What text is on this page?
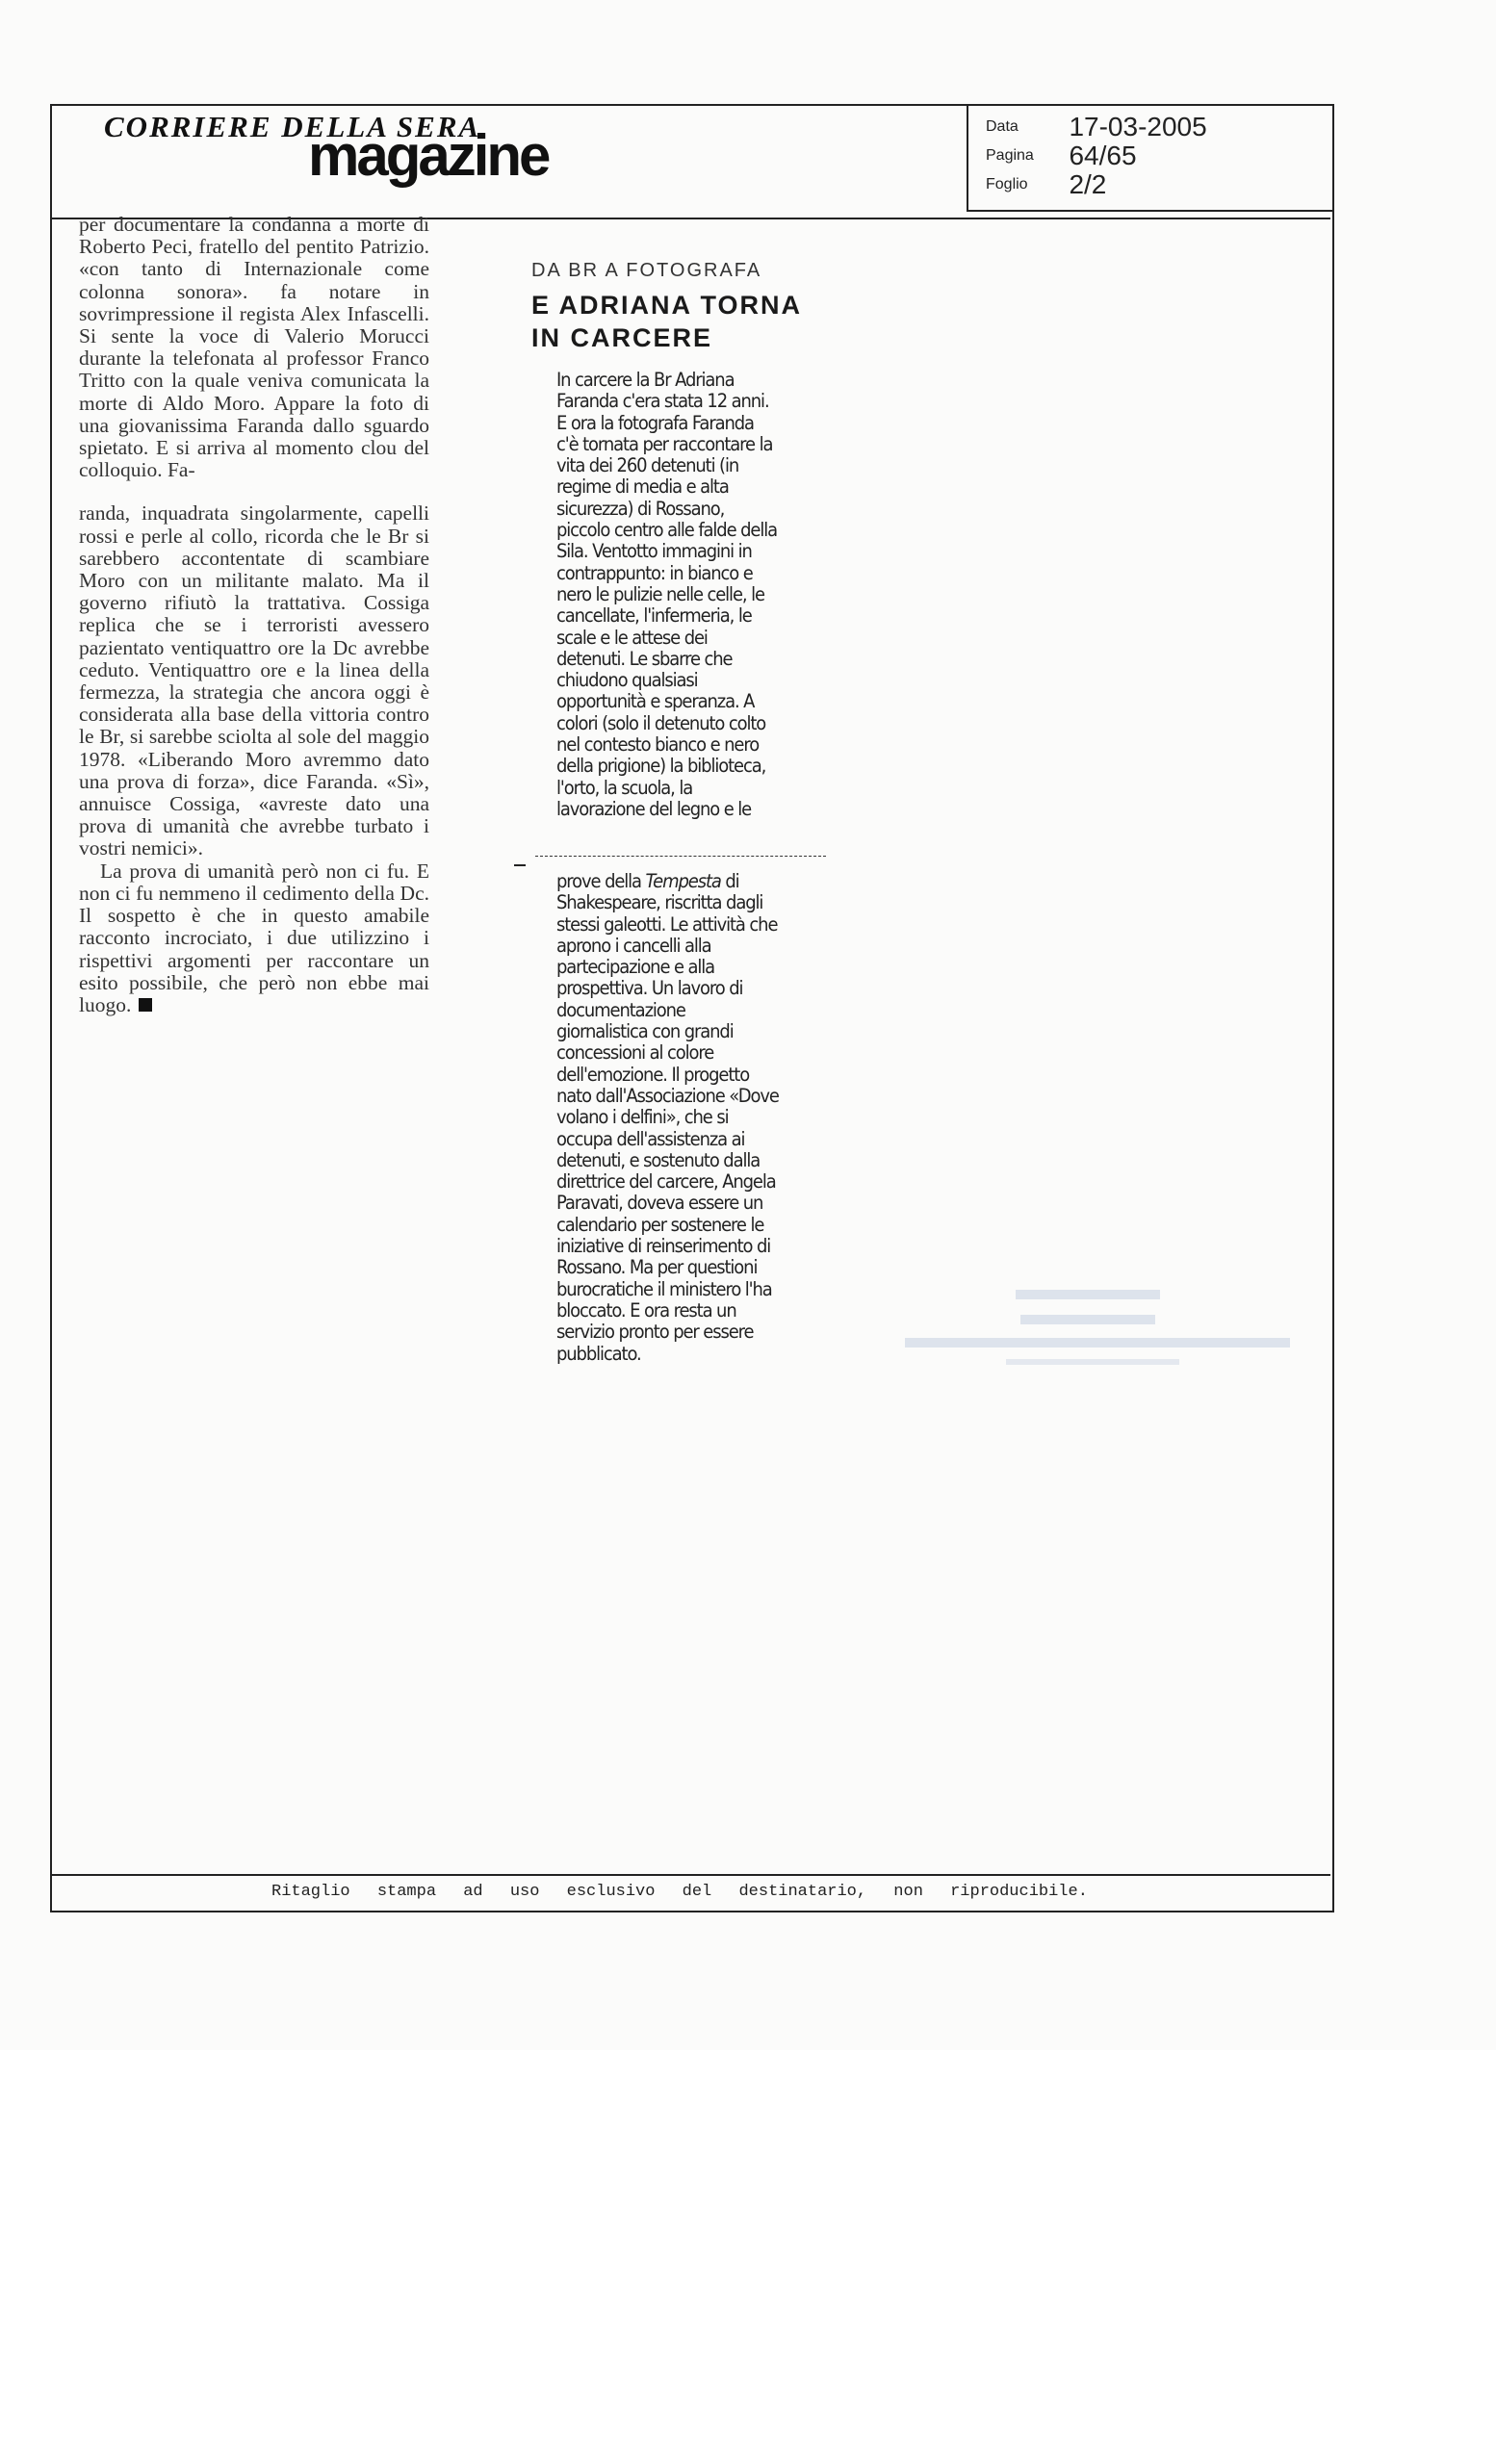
CORRIERE DELLA SERA
magazine	Data 17-03-2005
Pagina 64/65
Foglio 2/2

per documentare la condanna a morte di Roberto Peci, fratello del pentito Patrizio. «con tanto di Internazionale come colonna sonora». fa notare in sovrimpressione il regista Alex Infascelli. Si sente la voce di Valerio Morucci durante la telefonata al professor Franco Tritto con la quale veniva comunicata la morte di Aldo Moro. Appare la foto di una giovanissima Faranda dallo sguardo spietato. E si arriva al momento clou del colloquio. Fa-

randa, inquadrata singolarmente, capelli rossi e perle al collo, ricorda che le Br si sarebbero accontentate di scambiare Moro con un militante malato. Ma il governo rifiutò la trattativa. Cossiga replica che se i terroristi avessero pazientato ventiquattro ore la Dc avrebbe ceduto. Ventiquattro ore e la linea della fermezza, la strategia che ancora oggi è considerata alla base della vittoria contro le Br, si sarebbe sciolta al sole del maggio 1978. «Liberando Moro avremmo dato una prova di forza», dice Faranda. «Sì», annuisce Cossiga, «avreste dato una prova di umanità che avrebbe turbato i vostri nemici».

La prova di umanità però non ci fu. E non ci fu nemmeno il cedimento della Dc. Il sospetto è che in questo amabile racconto incrociato, i due utilizzino i rispettivi argomenti per raccontare un esito possibile, che però non ebbe mai luogo.

DA BR A FOTOGRAFA
E ADRIANA TORNA IN CARCERE
In carcere la Br Adriana Faranda c'era stata 12 anni. E ora la fotografa Faranda c'è tornata per raccontare la vita dei 260 detenuti (in regime di media e alta sicurezza) di Rossano, piccolo centro alle falde della Sila. Ventotto immagini in contrappunto: in bianco e nero le pulizie nelle celle, le cancellate, l'infermeria, le scale e le attese dei detenuti. Le sbarre che chiudono qualsiasi opportunità e speranza. A colori (solo il detenuto colto nel contesto bianco e nero della prigione) la biblioteca, l'orto, la scuola, la lavorazione del legno e le
prove della Tempesta di Shakespeare, riscritta dagli stessi galeotti. Le attività che aprono i cancelli alla partecipazione e alla prospettiva. Un lavoro di documentazione giornalistica con grandi concessioni al colore dell'emozione. Il progetto nato dall'Associazione «Dove volano i delfini», che si occupa dell'assistenza ai detenuti, e sostenuto dalla direttrice del carcere, Angela Paravati, doveva essere un calendario per sostenere le iniziative di reinserimento di Rossano. Ma per questioni burocratiche il ministero l'ha bloccato. E ora resta un servizio pronto per essere pubblicato.
Ritaglio stampa ad uso esclusivo del destinatario, non riproducibile.
